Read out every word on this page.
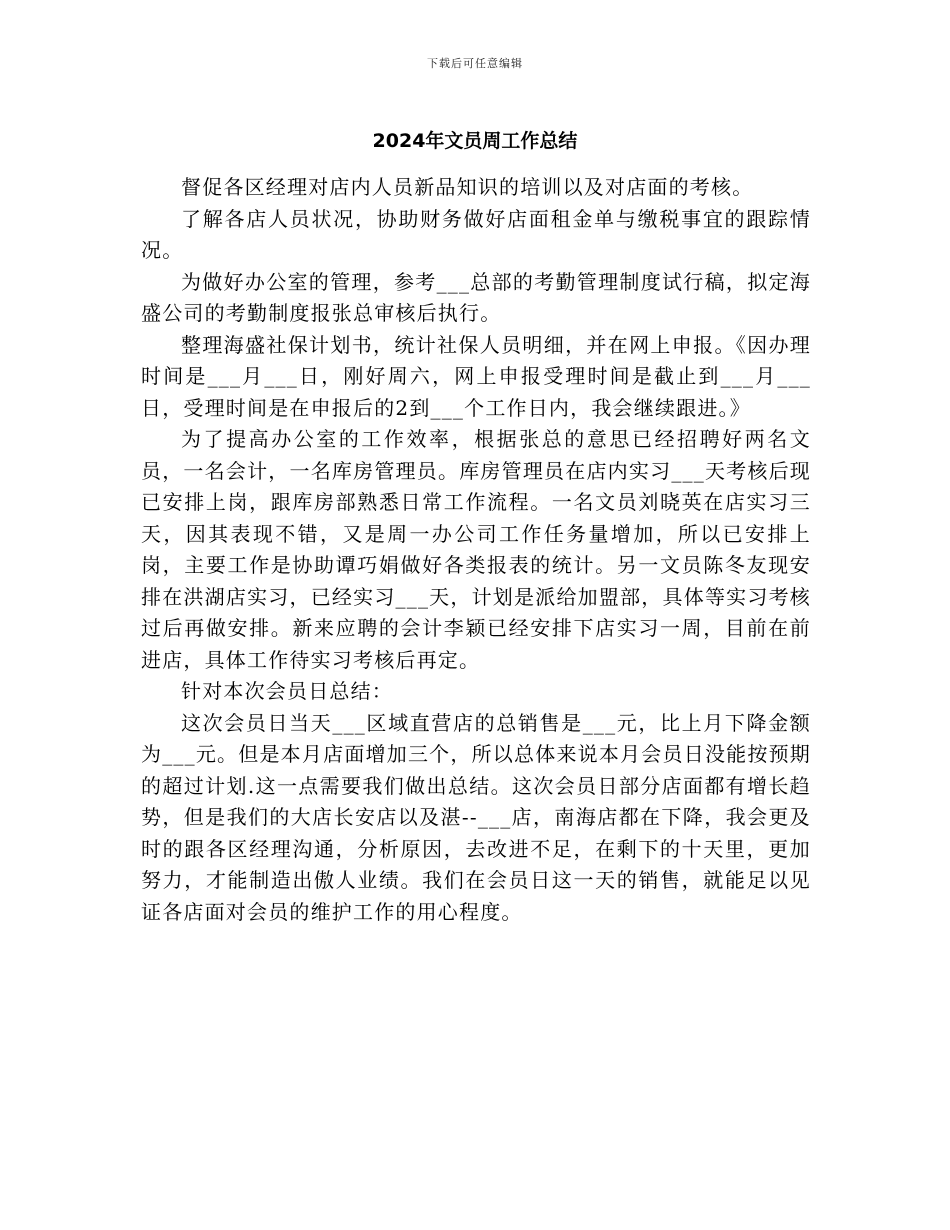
下载后可任意编辑
2024年文员周工作总结

督促各区经理对店内人员新品知识的培训以及对店面的考核。

了解各店人员状况，协助财务做好店面租金单与缴税事宜的跟踪情况。

为做好办公室的管理，参考___总部的考勤管理制度试行稿，拟定海盛公司的考勤制度报张总审核后执行。

整理海盛社保计划书，统计社保人员明细，并在网上申报。《因办理时间是___月___日，刚好周六，网上申报受理时间是截止到___月___日，受理时间是在申报后的2到___个工作日内，我会继续跟进。》

为了提高办公室的工作效率，根据张总的意思已经招聘好两名文员，一名会计，一名库房管理员。库房管理员在店内实习___天考核后现已安排上岗，跟库房部熟悉日常工作流程。一名文员刘晓英在店实习三天，因其表现不错，又是周一办公司工作任务量增加，所以已安排上岗，主要工作是协助谭巧娟做好各类报表的统计。另一文员陈冬友现安排在洪湖店实习，已经实习___天，计划是派给加盟部，具体等实习考核过后再做安排。新来应聘的会计李颖已经安排下店实习一周，目前在前进店，具体工作待实习考核后再定。

针对本次会员日总结：

这次会员日当天___区域直营店的总销售是___元，比上月下降金额为___元。但是本月店面增加三个，所以总体来说本月会员日没能按预期的超过计划.这一点需要我们做出总结。这次会员日部分店面都有增长趋势，但是我们的大店长安店以及湛--___店，南海店都在下降，我会更及时的跟各区经理沟通，分析原因，去改进不足，在剩下的十天里，更加努力，才能制造出傲人业绩。我们在会员日这一天的销售，就能足以见证各店面对会员的维护工作的用心程度。
